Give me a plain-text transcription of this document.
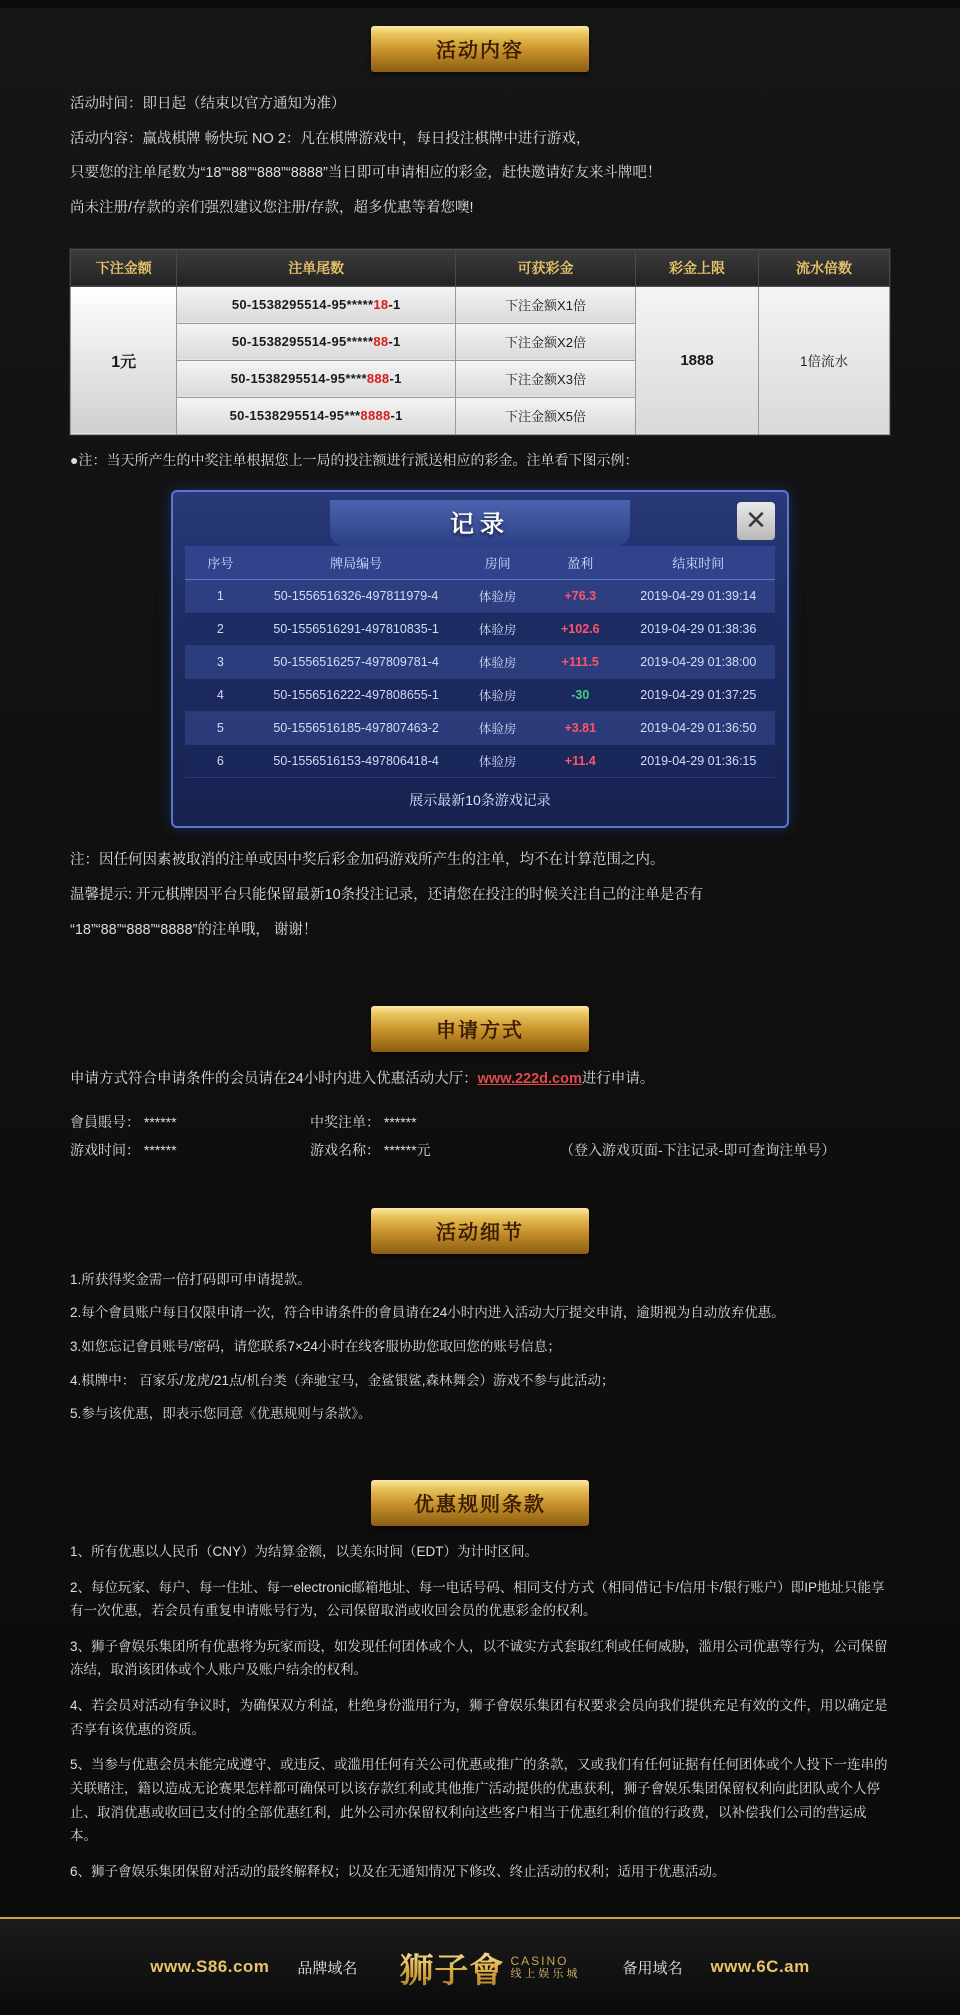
活动内容

活动时间：即日起（结束以官方通知为准）

活动内容：赢战棋牌 畅快玩 NO 2：凡在棋牌游戏中，每日投注棋牌中进行游戏，

只要您的注单尾数为“18”“88”“888”“8888”当日即可申请相应的彩金，赶快邀请好友来斗牌吧！

尚未注册/存款的亲们强烈建议您注册/存款，超多优惠等着您噢!

下注金额	注单尾数	可获彩金	彩金上限	流水倍数
1元	50-1538295514-95*****18-1	下注金额X1倍	1888	1倍流水
	50-1538295514-95*****88-1	下注金额X2倍		
	50-1538295514-95****888-1	下注金额X3倍		
	50-1538295514-95***8888-1	下注金额X5倍		
●注：当天所产生的中奖注单根据您上一局的投注额进行派送相应的彩金。注单看下图示例：
记录	✕
序号	牌局编号	房间	盈利	结束时间
1	50-1556516326-497811979-4	体验房	+76.3	2019-04-29 01:39:14
2	50-1556516291-497810835-1	体验房	+102.6	2019-04-29 01:38:36
3	50-1556516257-497809781-4	体验房	+111.5	2019-04-29 01:38:00
4	50-1556516222-497808655-1	体验房	-30	2019-04-29 01:37:25
5	50-1556516185-497807463-2	体验房	+3.81	2019-04-29 01:36:50
6	50-1556516153-497806418-4	体验房	+11.4	2019-04-29 01:36:15
展示最新10条游戏记录

注：因任何因素被取消的注单或因中奖后彩金加码游戏所产生的注单，均不在计算范围之内。

温馨提示: 开元棋牌因平台只能保留最新10条投注记录，还请您在投注的时候关注自己的注单是否有

“18”“88”“888”“8888”的注单哦， 谢谢！

申请方式
申请方式符合申请条件的会员请在24小时内进入优惠活动大厅：www.222d.com进行申请。
會員賬号： ******	中奖注单： ******
游戏时间： ******	游戏名称： ******元	（登入游戏页面-下注记录-即可查询注单号）
活动细节

1.所获得奖金需一倍打码即可申请提款。

2.每个會員账户每日仅限申请一次，符合申请条件的會員请在24小时内进入活动大厅提交申请，逾期视为自动放弃优惠。

3.如您忘记會員账号/密码，请您联系7×24小时在线客服协助您取回您的账号信息；

4.棋牌中： 百家乐/龙虎/21点/机台类（奔驰宝马，金鲨银鲨,森林舞会）游戏不参与此活动；

5.参与该优惠，即表示您同意《优惠规则与条款》。

优惠规则条款

1、所有优惠以人民币（CNY）为结算金额，以美东时间（EDT）为计时区间。

2、每位玩家、每户、每一住址、每一electronic邮箱地址、每一电话号码、相同支付方式（相同借记卡/信用卡/银行账户）即IP地址只能享有一次优惠，若会员有重复申请账号行为，公司保留取消或收回会员的优惠彩金的权利。

3、狮子會娱乐集团所有优惠将为玩家而设，如发现任何团体或个人，以不诚实方式套取红利或任何威胁，滥用公司优惠等行为，公司保留冻结，取消该团体或个人账户及账户结余的权利。

4、若会员对活动有争议时，为确保双方利益，杜绝身份滥用行为，狮子會娱乐集团有权要求会员向我们提供充足有效的文件，用以确定是否享有该优惠的资质。

5、当参与优惠会员未能完成遵守、或违反、或滥用任何有关公司优惠或推广的条款，又或我们有任何证据有任何团体或个人投下一连串的关联赌注，籍以造成无论赛果怎样都可确保可以该存款红利或其他推广活动提供的优惠获利，狮子會娱乐集团保留权利向此团队或个人停止、取消优惠或收回已支付的全部优惠红利，此外公司亦保留权利向这些客户相当于优惠红利价值的行政费，以补偿我们公司的营运成本。

6、狮子會娱乐集团保留对活动的最终解释权；以及在无通知情况下修改、终止活动的权利；适用于优惠活动。

www.S86.com 品牌域名 狮子會 CASINO
线上娱乐城	备用域名 www.6C.am
